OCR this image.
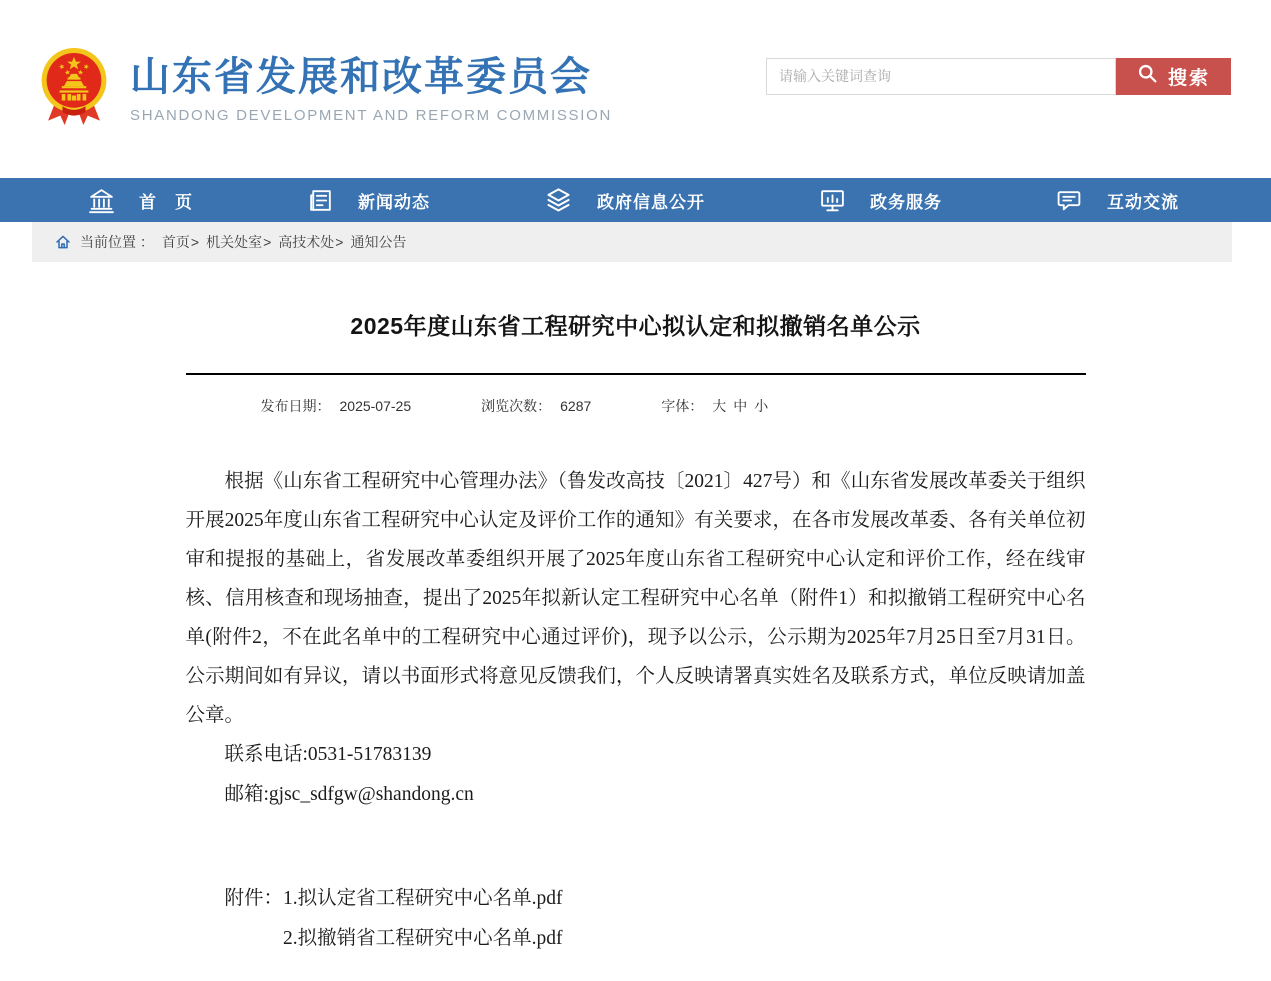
山东省发展和改革委员会
SHANDONG DEVELOPMENT AND REFORM COMMISSION
请输入关键词查询
搜索
首　页	新闻动态	政府信息公开	政务服务	互动交流
当前位置 ： 首页 > 机关处室 > 高技术处 > 通知公告
2025年度山东省工程研究中心拟认定和拟撤销名单公示
发布日期： 2025-07-25	浏览次数： 6287	字体： 大 中 小

根据《山东省工程研究中心管理办法》（鲁发改高技〔2021〕427号）和《山东省发展改革委关于组织开展2025年度山东省工程研究中心认定及评价工作的通知》有关要求，在各市发展改革委、各有关单位初审和提报的基础上，省发展改革委组织开展了2025年度山东省工程研究中心认定和评价工作，经在线审核、信用核查和现场抽查，提出了2025年拟新认定工程研究中心名单（附件1）和拟撤销工程研究中心名单(附件2，不在此名单中的工程研究中心通过评价)，现予以公示，公示期为2025年7月25日至7月31日。公示期间如有异议，请以书面形式将意见反馈我们，个人反映请署真实姓名及联系方式，单位反映请加盖公章。

联系电话:0531-51783139

邮箱:gjsc_sdfgw@shandong.cn

附件： 1.拟认定省工程研究中心名单.pdf
2.拟撤销省工程研究中心名单.pdf
